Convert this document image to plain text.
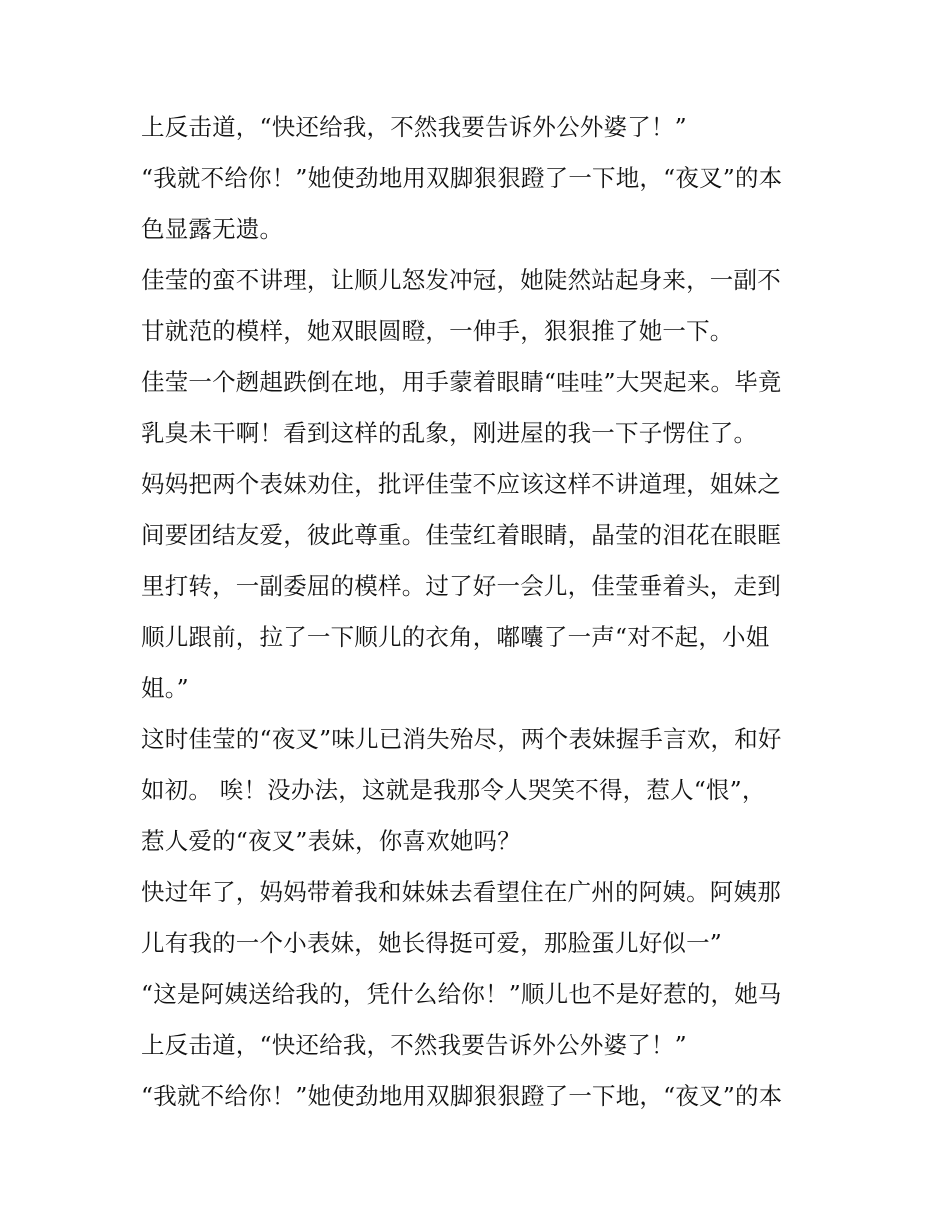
上反击道，“快还给我，不然我要告诉外公外婆了！”
“我就不给你！”她使劲地用双脚狠狠蹬了一下地，“夜叉”的本
色显露无遗。
佳莹的蛮不讲理，让顺儿怒发冲冠，她陡然站起身来，一副不
甘就范的模样，她双眼圆瞪，一伸手，狠狠推了她一下。
佳莹一个趔趄跌倒在地，用手蒙着眼睛“哇哇”大哭起来。毕竟
乳臭未干啊！看到这样的乱象，刚进屋的我一下子愣住了。
妈妈把两个表妹劝住，批评佳莹不应该这样不讲道理，姐妹之
间要团结友爱，彼此尊重。佳莹红着眼睛，晶莹的泪花在眼眶
里打转，一副委屈的模样。过了好一会儿，佳莹垂着头，走到
顺儿跟前，拉了一下顺儿的衣角，嘟囔了一声“对不起，小姐
姐。”
这时佳莹的“夜叉”味儿已消失殆尽，两个表妹握手言欢，和好
如初。 唉！没办法，这就是我那令人哭笑不得，惹人“恨”，
惹人爱的“夜叉”表妹，你喜欢她吗？
快过年了，妈妈带着我和妹妹去看望住在广州的阿姨。阿姨那
儿有我的一个小表妹，她长得挺可爱，那脸蛋儿好似一”
“这是阿姨送给我的，凭什么给你！”顺儿也不是好惹的，她马
上反击道，“快还给我，不然我要告诉外公外婆了！”
“我就不给你！”她使劲地用双脚狠狠蹬了一下地，“夜叉”的本
